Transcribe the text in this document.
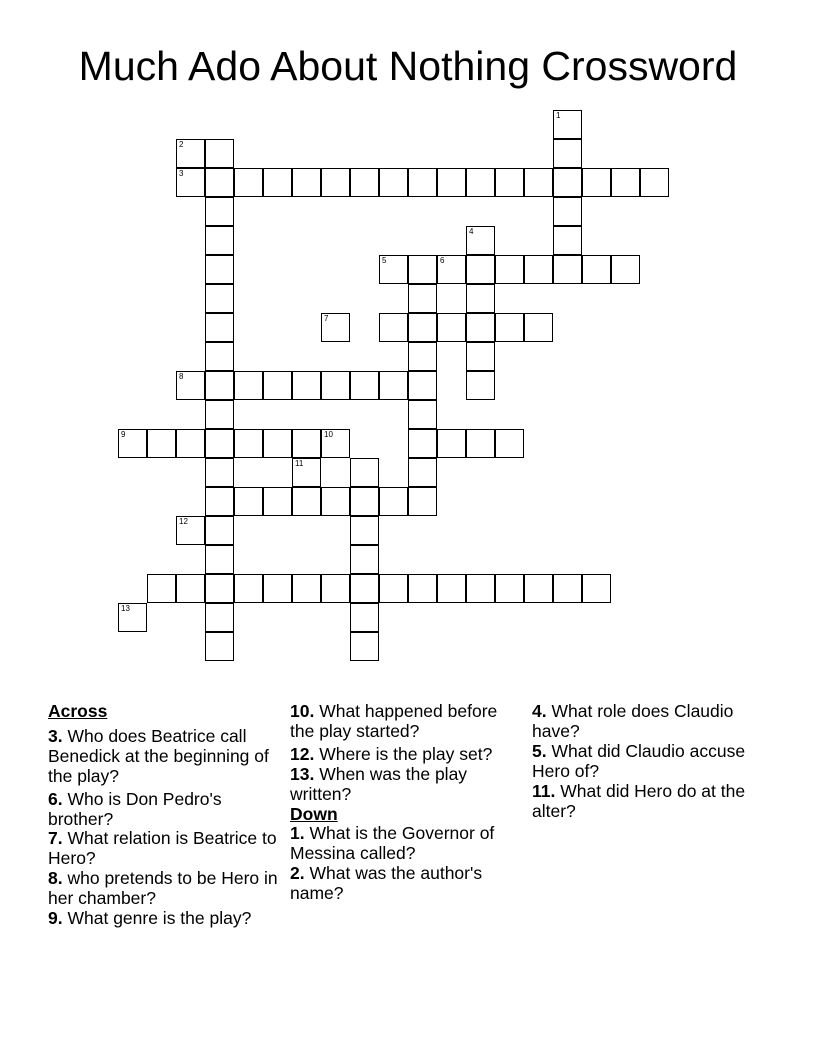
Much Ado About Nothing Crossword
1
3
4
6
2
5
7
8
9	10
11
12
13

Across

3. Who does Beatrice call Benedick at the beginning of the play?

6. Who is Don Pedro's brother?

7. What relation is Beatrice to Hero?

8. who pretends to be Hero in her chamber?

9. What genre is the play?

10. What happened before the play started?

12. Where is the play set?

13. When was the play written?

Down

1. What is the Governor of Messina called?

2. What was the author's name?

4. What role does Claudio have?

5. What did Claudio accuse Hero of?

11. What did Hero do at the alter?
